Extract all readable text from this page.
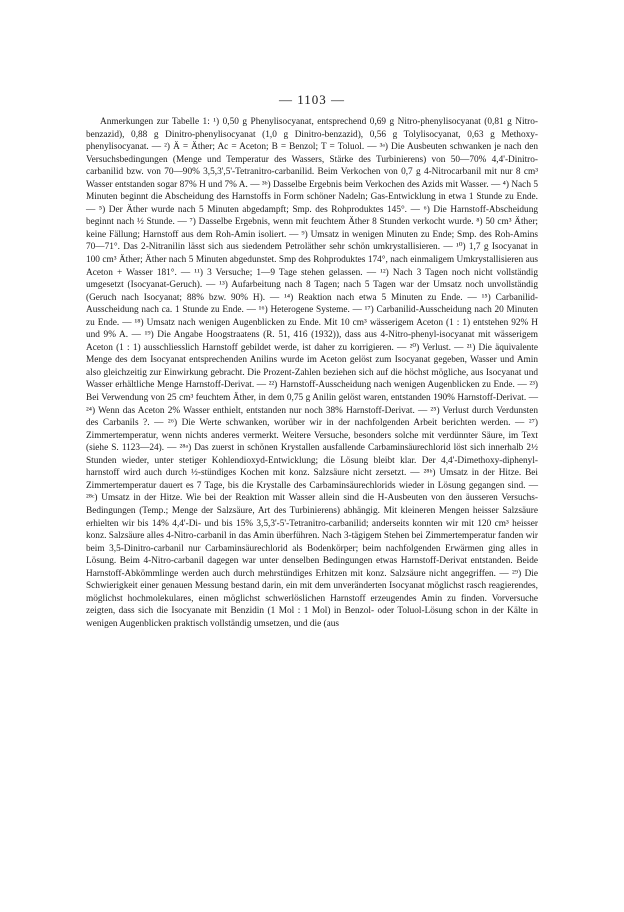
— 1103 —

Anmerkungen zur Tabelle 1: ¹) 0,50 g Phenylisocyanat, entsprechend 0,69 g Nitro-phenylisocyanat (0,81 g Nitro-benzazid), 0,88 g Dinitro-phenylisocyanat (1,0 g Dinitro-benzazid), 0,56 g Tolylisocyanat, 0,63 g Methoxy-phenylisocyanat. — ²) Ä = Äther; Ac = Aceton; B = Benzol; T = Toluol. — ³ᵃ) Die Ausbeuten schwanken je nach den Versuchsbedingungen (Menge und Temperatur des Wassers, Stärke des Turbinierens) von 50—70% 4,4'-Dinitro-carbanilid bzw. von 70—90% 3,5,3',5'-Tetranitro-carbanilid. Beim Verkochen von 0,7 g 4-Nitrocarbanil mit nur 8 cm³ Wasser entstanden sogar 87% H und 7% A. — ³ᵇ) Dasselbe Ergebnis beim Verkochen des Azids mit Wasser. — ⁴) Nach 5 Minuten beginnt die Abscheidung des Harnstoffs in Form schöner Nadeln; Gas-Entwicklung in etwa 1 Stunde zu Ende. — ⁵) Der Äther wurde nach 5 Minuten abgedampft; Smp. des Rohproduktes 145°. — ⁶) Die Harnstoff-Abscheidung beginnt nach ½ Stunde. — ⁷) Dasselbe Ergebnis, wenn mit feuchtem Äther 8 Stunden verkocht wurde. ⁸) 50 cm³ Äther; keine Fällung; Harnstoff aus dem Roh-Amin isoliert. — ⁹) Umsatz in wenigen Minuten zu Ende; Smp. des Roh-Amins 70—71°. Das 2-Nitranilin lässt sich aus siedendem Petroläther sehr schön umkrystallisieren. — ¹⁰) 1,7 g Isocyanat in 100 cm³ Äther; Äther nach 5 Minuten abgedunstet. Smp des Rohproduktes 174°, nach einmaligem Umkrystallisieren aus Aceton + Wasser 181°. — ¹¹) 3 Versuche; 1—9 Tage stehen gelassen. — ¹²) Nach 3 Tagen noch nicht vollständig umgesetzt (Isocyanat-Geruch). — ¹³) Aufarbeitung nach 8 Tagen; nach 5 Tagen war der Umsatz noch unvollständig (Geruch nach Isocyanat; 88% bzw. 90% H). — ¹⁴) Reaktion nach etwa 5 Minuten zu Ende. — ¹⁵) Carbanilid-Ausscheidung nach ca. 1 Stunde zu Ende. — ¹⁶) Heterogene Systeme. — ¹⁷) Carbanilid-Ausscheidung nach 20 Minuten zu Ende. — ¹⁸) Umsatz nach wenigen Augenblicken zu Ende. Mit 10 cm³ wässerigem Aceton (1 : 1) entstehen 92% H und 9% A. — ¹⁹) Die Angabe Hoogstraatens (R. 51, 416 (1932)), dass aus 4-Nitro-phenyl-isocyanat mit wässerigem Aceton (1 : 1) ausschliesslich Harnstoff gebildet werde, ist daher zu korrigieren. — ²⁰) Verlust. — ²¹) Die äquivalente Menge des dem Isocyanat entsprechenden Anilins wurde im Aceton gelöst zum Isocyanat gegeben, Wasser und Amin also gleichzeitig zur Einwirkung gebracht. Die Prozent-Zahlen beziehen sich auf die höchst mögliche, aus Isocyanat und Wasser erhältliche Menge Harnstoff-Derivat. — ²²) Harnstoff-Ausscheidung nach wenigen Augenblicken zu Ende. — ²³) Bei Verwendung von 25 cm³ feuchtem Äther, in dem 0,75 g Anilin gelöst waren, entstanden 190% Harnstoff-Derivat. — ²⁴) Wenn das Aceton 2% Wasser enthielt, entstanden nur noch 38% Harnstoff-Derivat. — ²⁵) Verlust durch Verdunsten des Carbanils ?. — ²⁶) Die Werte schwanken, worüber wir in der nachfolgenden Arbeit berichten werden. — ²⁷) Zimmertemperatur, wenn nichts anderes vermerkt. Weitere Versuche, besonders solche mit verdünnter Säure, im Text (siehe S. 1123—24). — ²⁸ᵃ) Das zuerst in schönen Krystallen ausfallende Carbaminsäurechlorid löst sich innerhalb 2½ Stunden wieder, unter stetiger Kohlendioxyd-Entwicklung; die Lösung bleibt klar. Der 4,4'-Dimethoxy-diphenyl-harnstoff wird auch durch ½-stündiges Kochen mit konz. Salzsäure nicht zersetzt. — ²⁸ᵇ) Umsatz in der Hitze. Bei Zimmertemperatur dauert es 7 Tage, bis die Krystalle des Carbaminsäurechlorids wieder in Lösung gegangen sind. — ²⁸ᶜ) Umsatz in der Hitze. Wie bei der Reaktion mit Wasser allein sind die H-Ausbeuten von den äusseren Versuchs-Bedingungen (Temp.; Menge der Salzsäure, Art des Turbinierens) abhängig. Mit kleineren Mengen heisser Salzsäure erhielten wir bis 14% 4,4'-Di- und bis 15% 3,5,3'-5'-Tetranitro-carbanilid; anderseits konnten wir mit 120 cm³ heisser konz. Salzsäure alles 4-Nitro-carbanil in das Amin überführen. Nach 3-tägigem Stehen bei Zimmertemperatur fanden wir beim 3,5-Dinitro-carbanil nur Carbaminsäurechlorid als Bodenkörper; beim nachfolgenden Erwärmen ging alles in Lösung. Beim 4-Nitro-carbanil dagegen war unter denselben Bedingungen etwas Harnstoff-Derivat entstanden. Beide Harnstoff-Abkömmlinge werden auch durch mehrstündiges Erhitzen mit konz. Salzsäure nicht angegriffen. — ²⁹) Die Schwierigkeit einer genauen Messung bestand darin, ein mit dem unveränderten Isocyanat möglichst rasch reagierendes, möglichst hochmolekulares, einen möglichst schwerlöslichen Harnstoff erzeugendes Amin zu finden. Vorversuche zeigten, dass sich die Isocyanate mit Benzidin (1 Mol : 1 Mol) in Benzol- oder Toluol-Lösung schon in der Kälte in wenigen Augenblicken praktisch vollständig umsetzen, und die (aus
